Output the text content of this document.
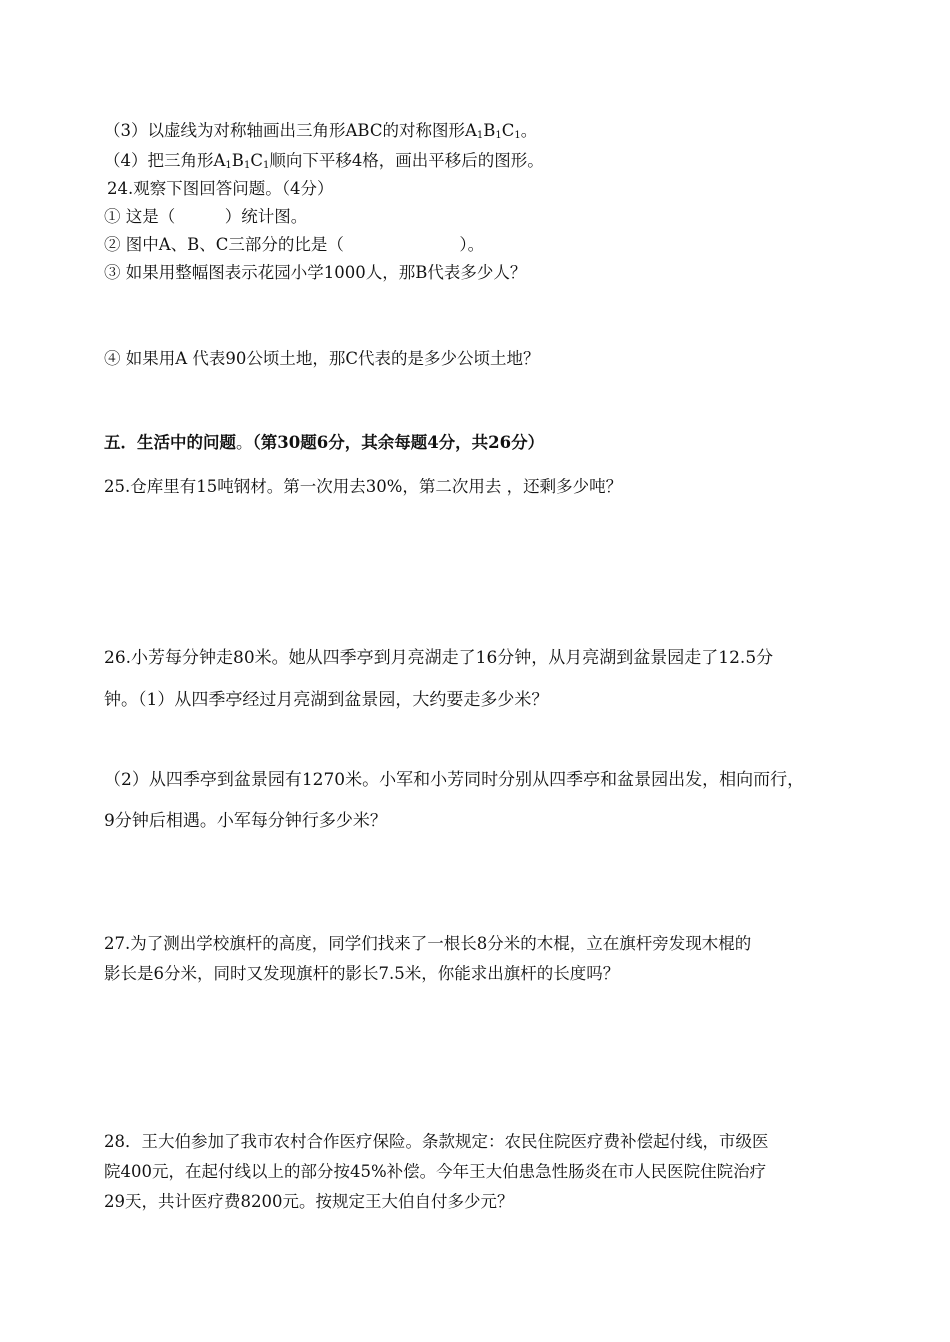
（3）以虚线为对称轴画出三角形ABC的对称图形$A_1B_1C_1$。
（4）把三角形$A_1B_1C_1$顺向下平移4格，画出平移后的图形。
24.观察下图回答问题。（4分）
① 这是（　　　）统计图。
② 图中A、B、C三部分的比是（　　　　　　　）。
③ 如果用整幅图表示花园小学1000人，那B代表多少人？
④ 如果用A 代表90公顷土地，那C代表的是多少公顷土地？
五．生活中的问题。（第30题6分，其余每题4分，共26分）
25.仓库里有15吨钢材。第一次用去30%，第二次用去 ，还剩多少吨？
26.小芳每分钟走80米。她从四季亭到月亮湖走了16分钟，从月亮湖到盆景园走了12.5分
钟。（1）从四季亭经过月亮湖到盆景园，大约要走多少米？
（2）从四季亭到盆景园有1270米。小军和小芳同时分别从四季亭和盆景园出发，相向而行，
9分钟后相遇。小军每分钟行多少米？
27.为了测出学校旗杆的高度，同学们找来了一根长8分米的木棍，立在旗杆旁发现木棍的
影长是6分米，同时又发现旗杆的影长7.5米，你能求出旗杆的长度吗？
28．王大伯参加了我市农村合作医疗保险。条款规定：农民住院医疗费补偿起付线，市级医
院400元，在起付线以上的部分按45%补偿。今年王大伯患急性肠炎在市人民医院住院治疗
29天，共计医疗费8200元。按规定王大伯自付多少元？
